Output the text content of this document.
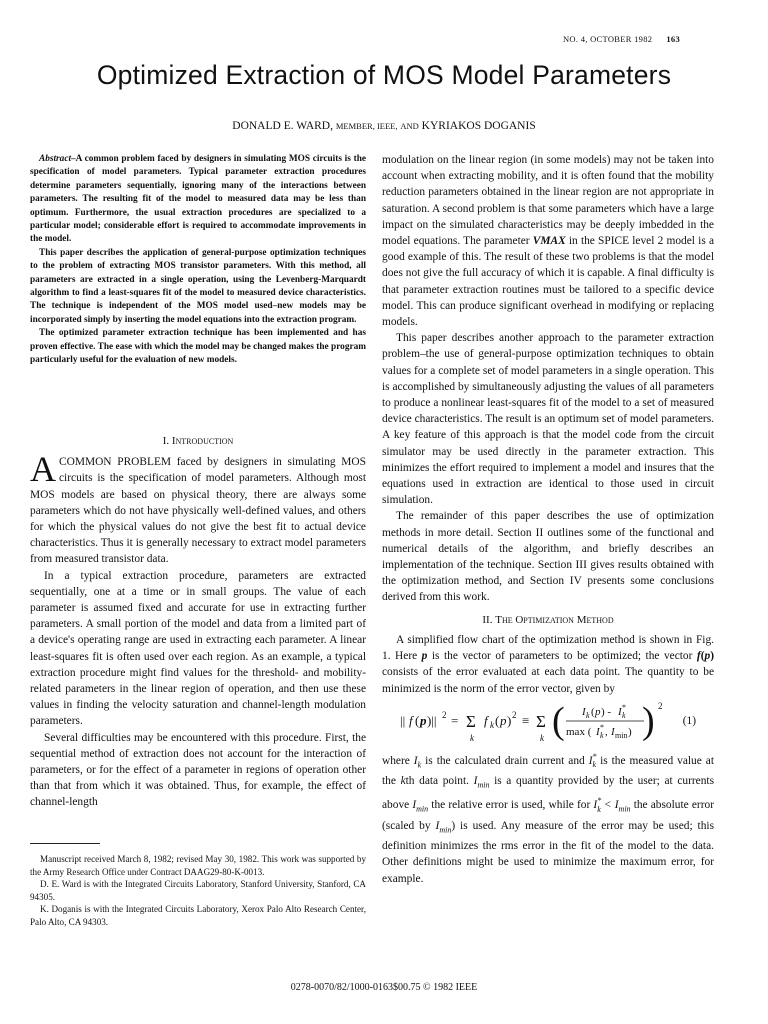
NO. 4, OCTOBER 1982 163
Optimized Extraction of MOS Model Parameters
DONALD E. WARD, MEMBER, IEEE, AND KYRIAKOS DOGANIS

Abstract–A common problem faced by designers in simulating MOS circuits is the specification of model parameters. Typical parameter extraction procedures determine parameters sequentially, ignoring many of the interactions between parameters. The resulting fit of the model to measured data may be less than optimum. Furthermore, the usual extraction procedures are specialized to a particular model; considerable effort is required to accommodate improvements in the model.

This paper describes the application of general-purpose optimization techniques to the problem of extracting MOS transistor parameters. With this method, all parameters are extracted in a single operation, using the Levenberg-Marquardt algorithm to find a least-squares fit of the model to measured device characteristics. The technique is independent of the MOS model used–new models may be incorporated simply by inserting the model equations into the extraction program.

The optimized parameter extraction technique has been implemented and has proven effective. The ease with which the model may be changed makes the program particularly useful for the evaluation of new models.

I. Introduction

ACOMMON PROBLEM faced by designers in simulating MOS circuits is the specification of model parameters. Although most MOS models are based on physical theory, there are always some parameters which do not have physically well-defined values, and others for which the physical values do not give the best fit to actual device characteristics. Thus it is generally necessary to extract model parameters from measured transistor data.

In a typical extraction procedure, parameters are extracted sequentially, one at a time or in small groups. The value of each parameter is assumed fixed and accurate for use in extracting further parameters. A small portion of the model and data from a limited part of a device's operating range are used in extracting each parameter. A linear least-squares fit is often used over each region. As an example, a typical extraction procedure might find values for the threshold- and mobility-related parameters in the linear region of operation, and then use these values in finding the velocity saturation and channel-length modulation parameters.

Several difficulties may be encountered with this procedure. First, the sequential method of extraction does not account for the interaction of parameters, or for the effect of a parameter in regions of operation other than that from which it was obtained. Thus, for example, the effect of channel-length

Manuscript received March 8, 1982; revised May 30, 1982. This work was supported by the Army Research Office under Contract DAAG29-80-K-0013.

D. E. Ward is with the Integrated Circuits Laboratory, Stanford University, Stanford, CA 94305.

K. Doganis is with the Integrated Circuits Laboratory, Xerox Palo Alto Research Center, Palo Alto, CA 94303.

modulation on the linear region (in some models) may not be taken into account when extracting mobility, and it is often found that the mobility reduction parameters obtained in the linear region are not appropriate in saturation. A second problem is that some parameters which have a large impact on the simulated characteristics may be deeply imbedded in the model equations. The parameter VMAX in the SPICE level 2 model is a good example of this. The result of these two problems is that the model does not give the full accuracy of which it is capable. A final difficulty is that parameter extraction routines must be tailored to a specific device model. This can produce significant overhead in modifying or replacing models.

This paper describes another approach to the parameter extraction problem–the use of general-purpose optimization techniques to obtain values for a complete set of model parameters in a single operation. This is accomplished by simultaneously adjusting the values of all parameters to produce a nonlinear least-squares fit of the model to a set of measured device characteristics. The result is an optimum set of model parameters. A key feature of this approach is that the model code from the circuit simulator may be used directly in the parameter extraction. This minimizes the effort required to implement a model and insures that the equations used in extraction are identical to those used in circuit simulation.

The remainder of this paper describes the use of optimization methods in more detail. Section II outlines some of the functional and numerical details of the algorithm, and briefly describes an implementation of the technique. Section III gives results obtained with the optimization method, and Section IV presents some conclusions derived from this work.

II. The Optimization Method

A simplified flow chart of the optimization method is shown in Fig. 1. Here p is the vector of parameters to be optimized; the vector f(p) consists of the error evaluated at each data point. The quantity to be minimized is the norm of the error vector, given by

|| f ( p )|| 2 = Σ
k
f k ( p ) 2 ≡ Σ
k ( I k ( p ) - I *
k
max ( I *
k , I min ) ) 2
(1)

where $I_k$ is the calculated drain current and $I^*_k$ is the measured value at the kth data point. $I_{min}$ is a quantity provided by the user; at currents above $I_{min}$ the relative error is used, while for $I^*_k < I_{min}$ the absolute error (scaled by $I_{min}$) is used. Any measure of the error may be used; this definition minimizes the rms error in the fit of the model to the data. Other definitions might be used to minimize the maximum error, for example.

0278-0070/82/1000-0163$00.75 © 1982 IEEE
